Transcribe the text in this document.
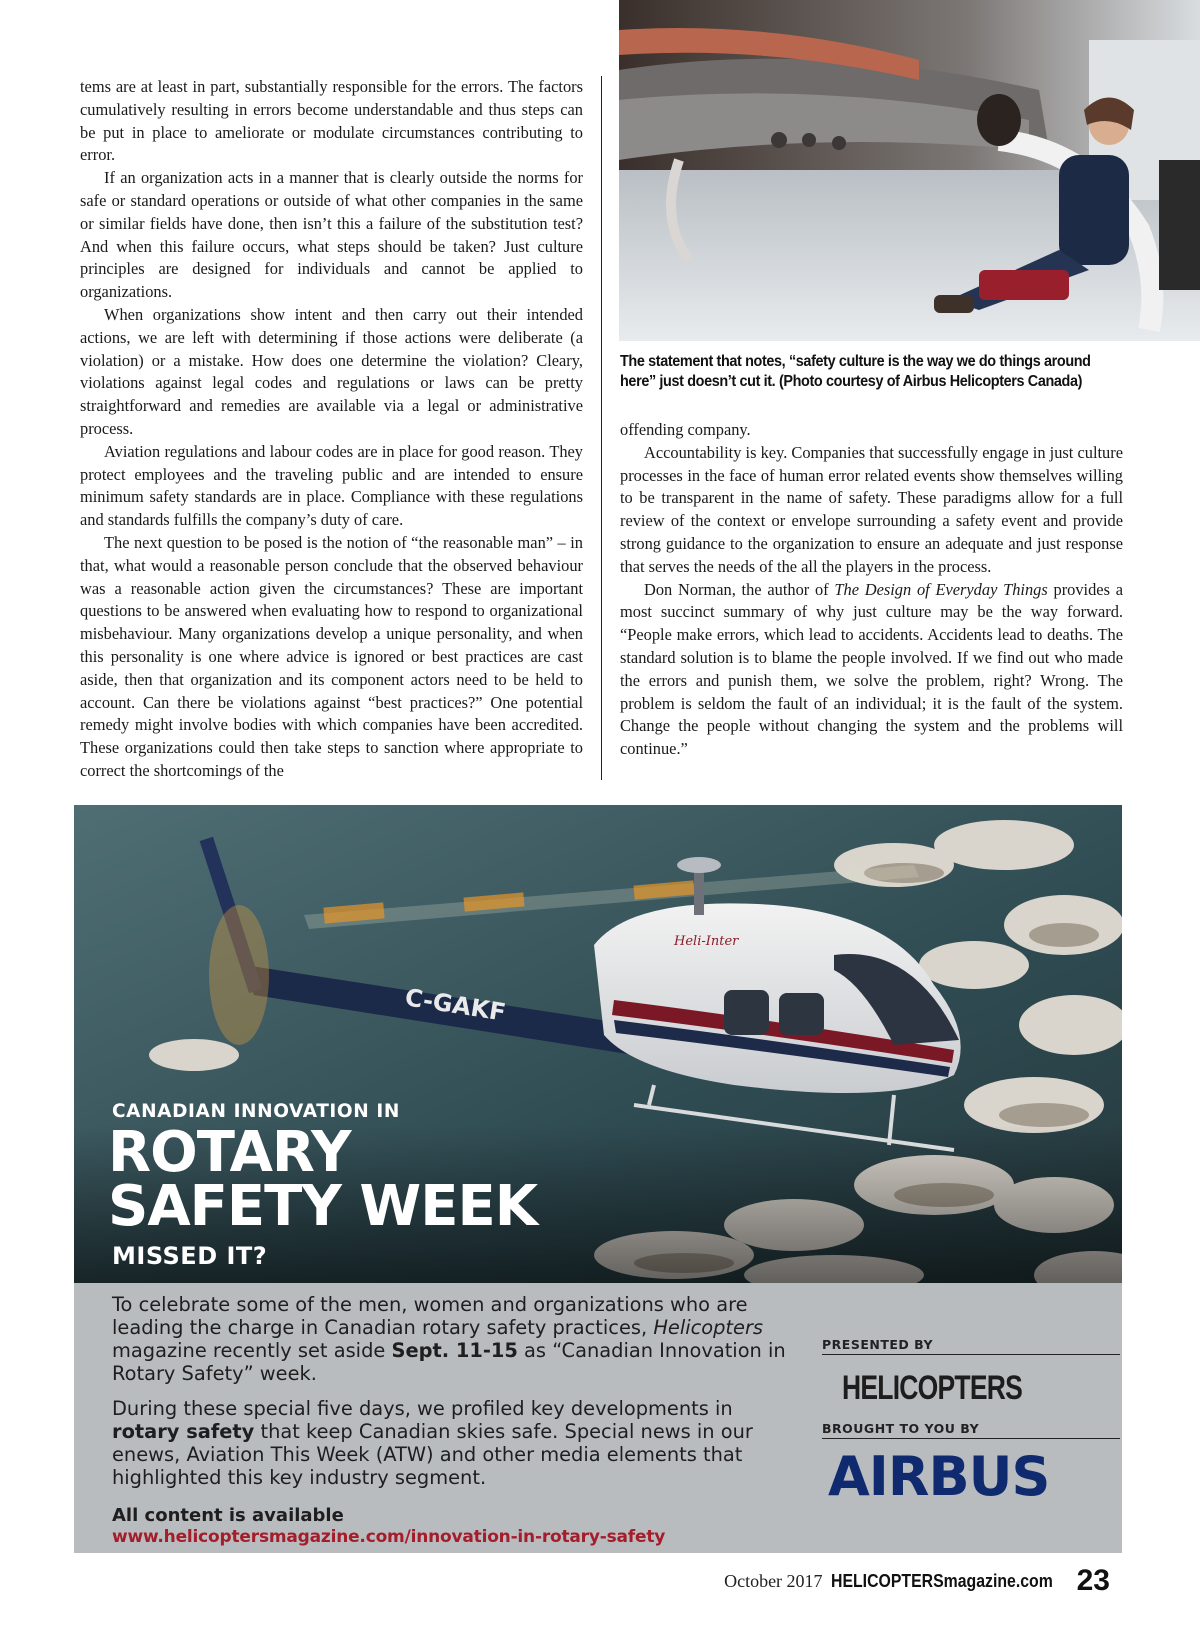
tems are at least in part, substantially responsible for the errors. The factors cumulatively resulting in errors become understandable and thus steps can be put in place to ameliorate or modulate circumstances contributing to error.

If an organization acts in a manner that is clearly outside the norms for safe or standard operations or outside of what other companies in the same or similar fields have done, then isn’t this a failure of the substitution test? And when this failure occurs, what steps should be taken? Just culture principles are designed for individuals and cannot be applied to organizations.

When organizations show intent and then carry out their intended actions, we are left with determining if those actions were deliberate (a violation) or a mistake. How does one determine the violation? Cleary, violations against legal codes and regulations or laws can be pretty straightforward and remedies are available via a legal or administrative process.

Aviation regulations and labour codes are in place for good reason. They protect employees and the traveling public and are intended to ensure minimum safety standards are in place. Compliance with these regulations and standards fulfills the company’s duty of care.

The next question to be posed is the notion of “the reasonable man” – in that, what would a reasonable person conclude that the observed behaviour was a reasonable action given the circumstances? These are important questions to be answered when evaluating how to respond to organizational misbehaviour. Many organizations develop a unique personality, and when this personality is one where advice is ignored or best practices are cast aside, then that organization and its component actors need to be held to account. Can there be violations against “best practices?” One potential remedy might involve bodies with which companies have been accredited. These organizations could then take steps to sanction where appropriate to correct the shortcomings of the

The statement that notes, “safety culture is the way we do things around here” just doesn’t cut it. (Photo courtesy of Airbus Helicopters Canada)

offending company.

Accountability is key. Companies that successfully engage in just culture processes in the face of human error related events show themselves willing to be transparent in the name of safety. These paradigms allow for a full review of the context or envelope surrounding a safety event and provide strong guidance to the organization to ensure an adequate and just response that serves the needs of the all the players in the process.

Don Norman, the author of The Design of Everyday Things provides a most succinct summary of why just culture may be the way forward. “People make errors, which lead to accidents. Accidents lead to deaths. The standard solution is to blame the people involved. If we find out who made the errors and punish them, we solve the problem, right? Wrong. The problem is seldom the fault of an individual; it is the fault of the system. Change the people without changing the system and the problems will continue.”

C-GAKF
Heli-Inter
CANADIAN INNOVATION IN
ROTARY
SAFETY WEEK
MISSED IT?

To celebrate some of the men, women and organizations who are leading the charge in Canadian rotary safety practices, Helicopters magazine recently set aside Sept. 11-15 as “Canadian Innovation in Rotary Safety” week.

During these special five days, we profiled key developments in rotary safety that keep Canadian skies safe. Special news in our enews, Aviation This Week (ATW) and other media elements that highlighted this key industry segment.

All content is available
www.helicoptersmagazine.com/innovation-in-rotary-safety
PRESENTED BY
HELICOPTERS
BROUGHT TO YOU BY
AIRBUS
October 2017 HELICOPTERSmagazine.com 23
